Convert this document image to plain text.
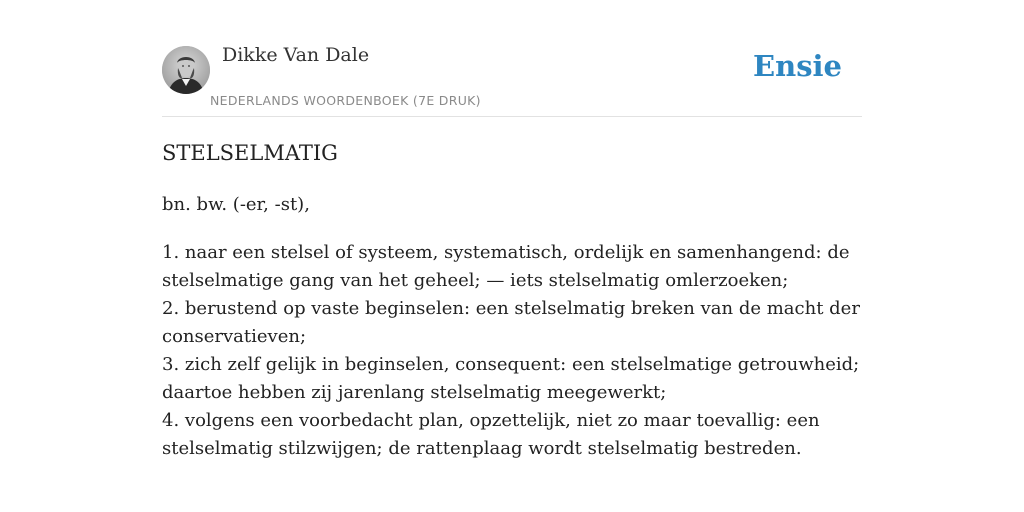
Dikke Van Dale
NEDERLANDS WOORDENBOEK (7E DRUK)
Ensie
STELSELMATIG
bn. bw. (-er, -st),
1. naar een stelsel of systeem, systematisch, ordelijk en samenhangend: de
stelselmatige gang van het geheel; — iets stelselmatig omlerzoeken;
2. berustend op vaste beginselen: een stelselmatig breken van de macht der
conservatieven;
3. zich zelf gelijk in beginselen, consequent: een stelselmatige getrouwheid;
daartoe hebben zij jarenlang stelselmatig meegewerkt;
4. volgens een voorbedacht plan, opzettelijk, niet zo maar toevallig: een
stelselmatig stilzwijgen; de rattenplaag wordt stelselmatig bestreden.
